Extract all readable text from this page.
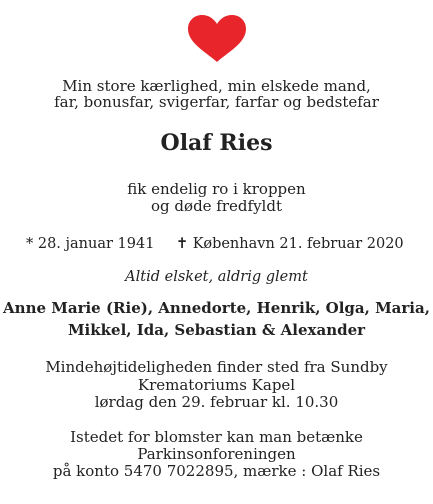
Min store kærlighed, min elskede mand,
far, bonusfar, svigerfar, farfar og bedstefar
Olaf Ries
fik endelig ro i kroppen
og døde fredfyldt
* 28. januar 1941 ✝ København 21. februar 2020
Altid elsket, aldrig glemt
Anne Marie (Rie), Annedorte, Henrik, Olga, Maria,
Mikkel, Ida, Sebastian & Alexander
Mindehøjtideligheden finder sted fra Sundby
Krematoriums Kapel
lørdag den 29. februar kl. 10.30
Istedet for blomster kan man betænke
Parkinsonforeningen
på konto 5470 7022895, mærke : Olaf Ries
